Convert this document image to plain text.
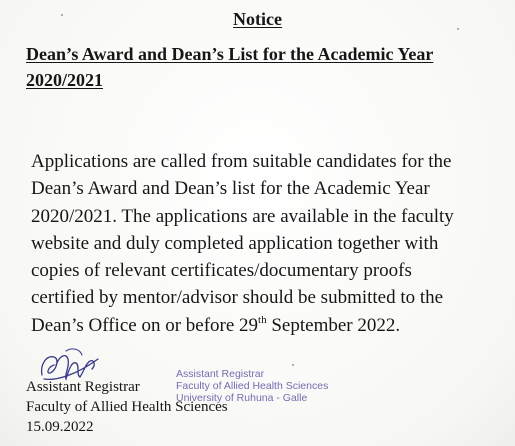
Notice
Dean’s Award and Dean’s List for the Academic Year
2020/2021
Applications are called from suitable candidates for the
Dean’s Award and Dean’s list for the Academic Year
2020/2021. The applications are available in the faculty
website and duly completed application together with
copies of relevant certificates/documentary proofs
certified by mentor/advisor should be submitted to the
Dean’s Office on or before 29th September 2022.
Assistant Registrar
Faculty of Allied Health Sciences
University of Ruhuna - Galle
Assistant Registrar
Faculty of Allied Health Sciences
15.09.2022
